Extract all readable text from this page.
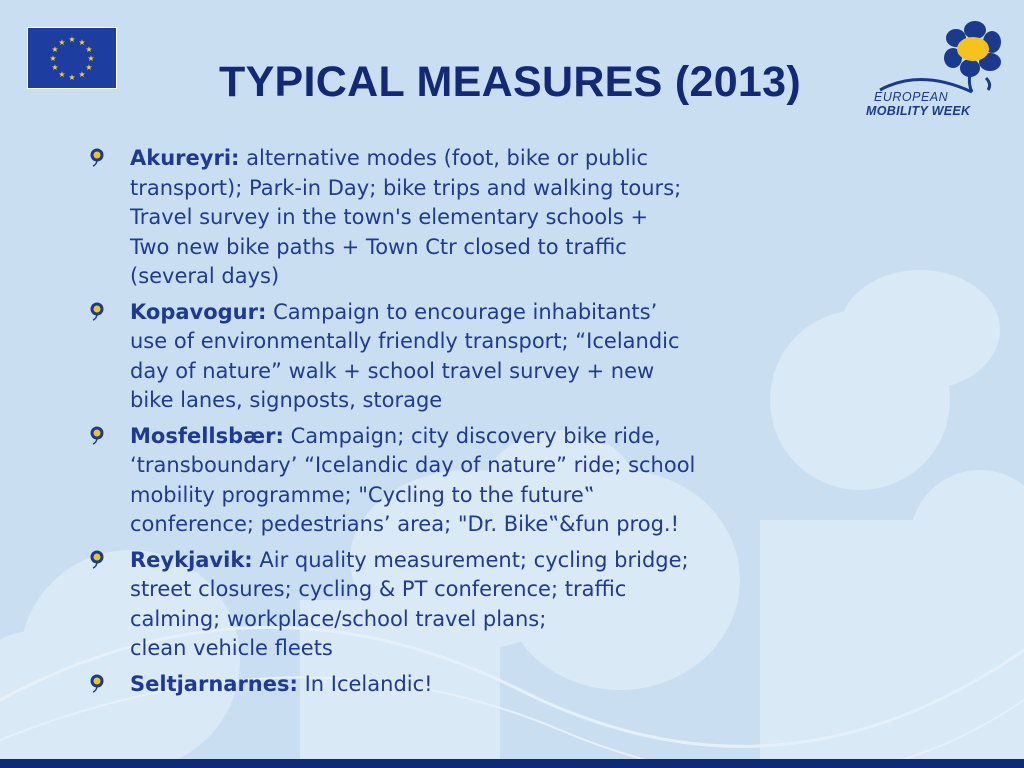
★ ★
★
★
★
★
★
★
★
★
★
★
TYPICAL MEASURES (2013)	EUROPEAN
MOBILITY WEEK
Akureyri: alternative modes (foot, bike or public
transport); Park-in Day; bike trips and walking tours;
Travel survey in the town's elementary schools +
Two new bike paths + Town Ctr closed to traffic
(several days)
Kopavogur: Campaign to encourage inhabitants’
use of environmentally friendly transport; “Icelandic
day of nature” walk + school travel survey + new
bike lanes, signposts, storage
Mosfellsbær: Campaign; city discovery bike ride,
‘transboundary’ “Icelandic day of nature” ride; school
mobility programme; "Cycling to the future‟
conference; pedestrians’ area; "Dr. Bike‟&fun prog.!
Reykjavik: Air quality measurement; cycling bridge;
street closures; cycling & PT conference; traffic
calming; workplace/school travel plans;
clean vehicle fleets
Seltjarnarnes: In Icelandic!
